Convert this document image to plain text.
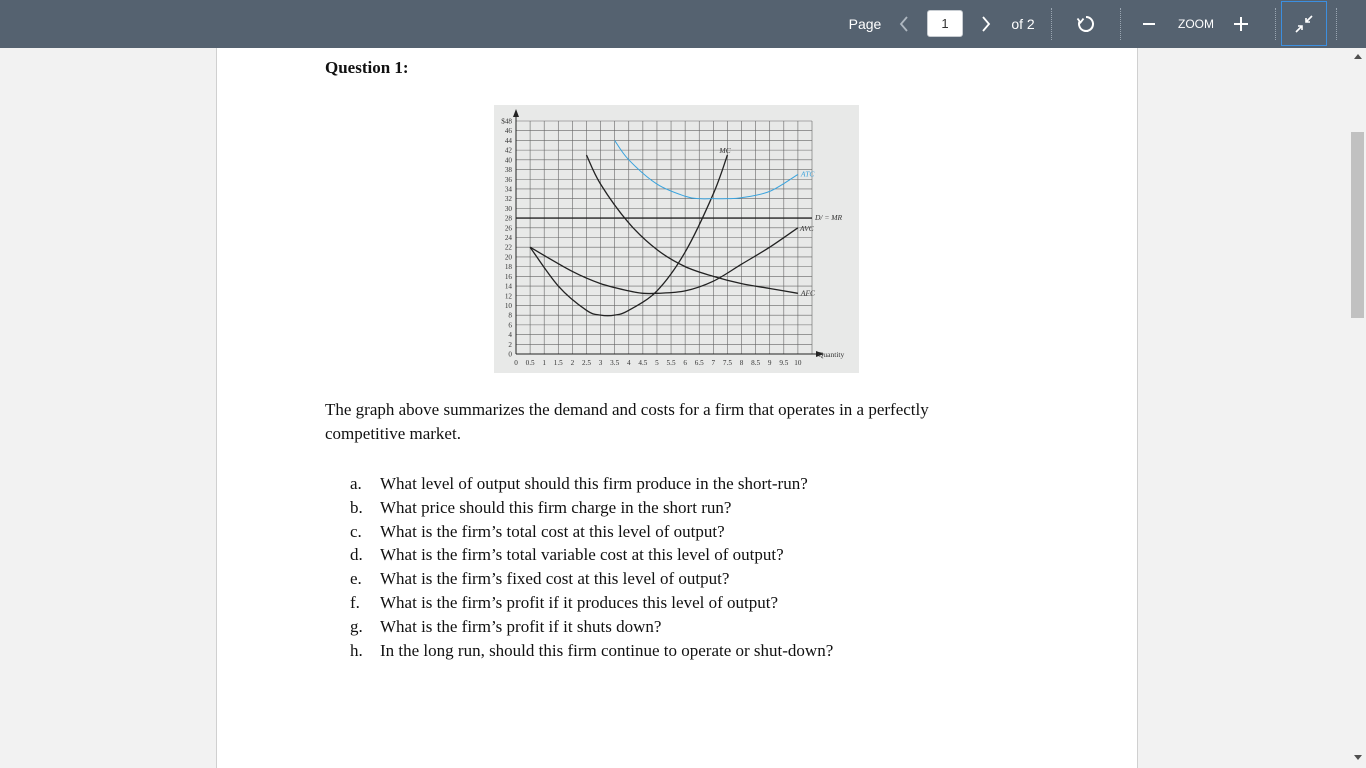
Page
1	of 2	ZOOM
Question 1:
0
2
4
6
8
10
12
14
16
18
20
22
24
26
28
30
32
34
36
38
40
42
44
46
$48
0 0.5 1 1.5 2 2.5 3 3.5 4 4.5 5 5.5 6 6.5 7 7.5 8 8.5 9 9.5 10
Quantity
MC
ATC
D/ = MR
AVC
AFC
The graph above summarizes the demand and costs for a firm that operates in a perfectly competitive market.
a. What level of output should this firm produce in the short-run?
b. What price should this firm charge in the short run?
c. What is the firm’s total cost at this level of output?
d. What is the firm’s total variable cost at this level of output?
e. What is the firm’s fixed cost at this level of output?
f. What is the firm’s profit if it produces this level of output?
g. What is the firm’s profit if it shuts down?
h. In the long run, should this firm continue to operate or shut-down?
